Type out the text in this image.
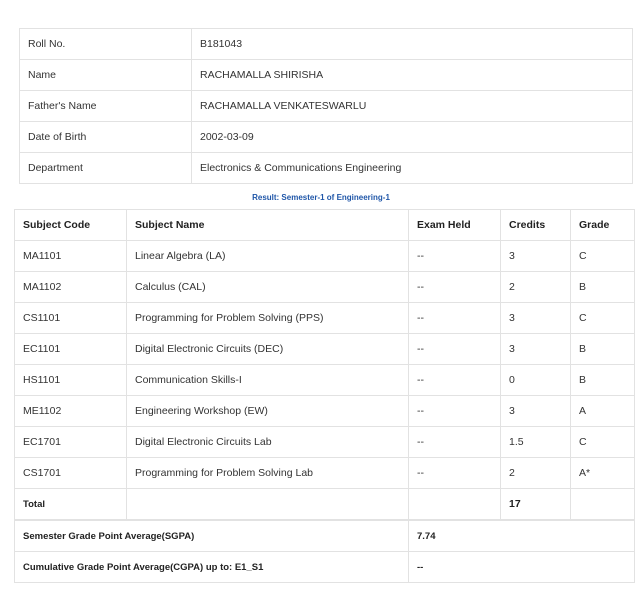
Roll No.	B181043
Name	RACHAMALLA SHIRISHA
Father's Name	RACHAMALLA VENKATESWARLU
Date of Birth	2002-03-09
Department	Electronics & Communications Engineering
Result: Semester-1 of Engineering-1
Subject Code	Subject Name	Exam Held	Credits	Grade
MA1101	Linear Algebra (LA)	--	3	C
MA1102	Calculus (CAL)	--	2	B
CS1101	Programming for Problem Solving (PPS)	--	3	C
EC1101	Digital Electronic Circuits (DEC)	--	3	B
HS1101	Communication Skills-I	--	0	B
ME1102	Engineering Workshop (EW)	--	3	A
EC1701	Digital Electronic Circuits Lab	--	1.5	C
CS1701	Programming for Problem Solving Lab	--	2	A*
Total			17	
Semester Grade Point Average(SGPA)	7.74
Cumulative Grade Point Average(CGPA) up to: E1_S1	--
